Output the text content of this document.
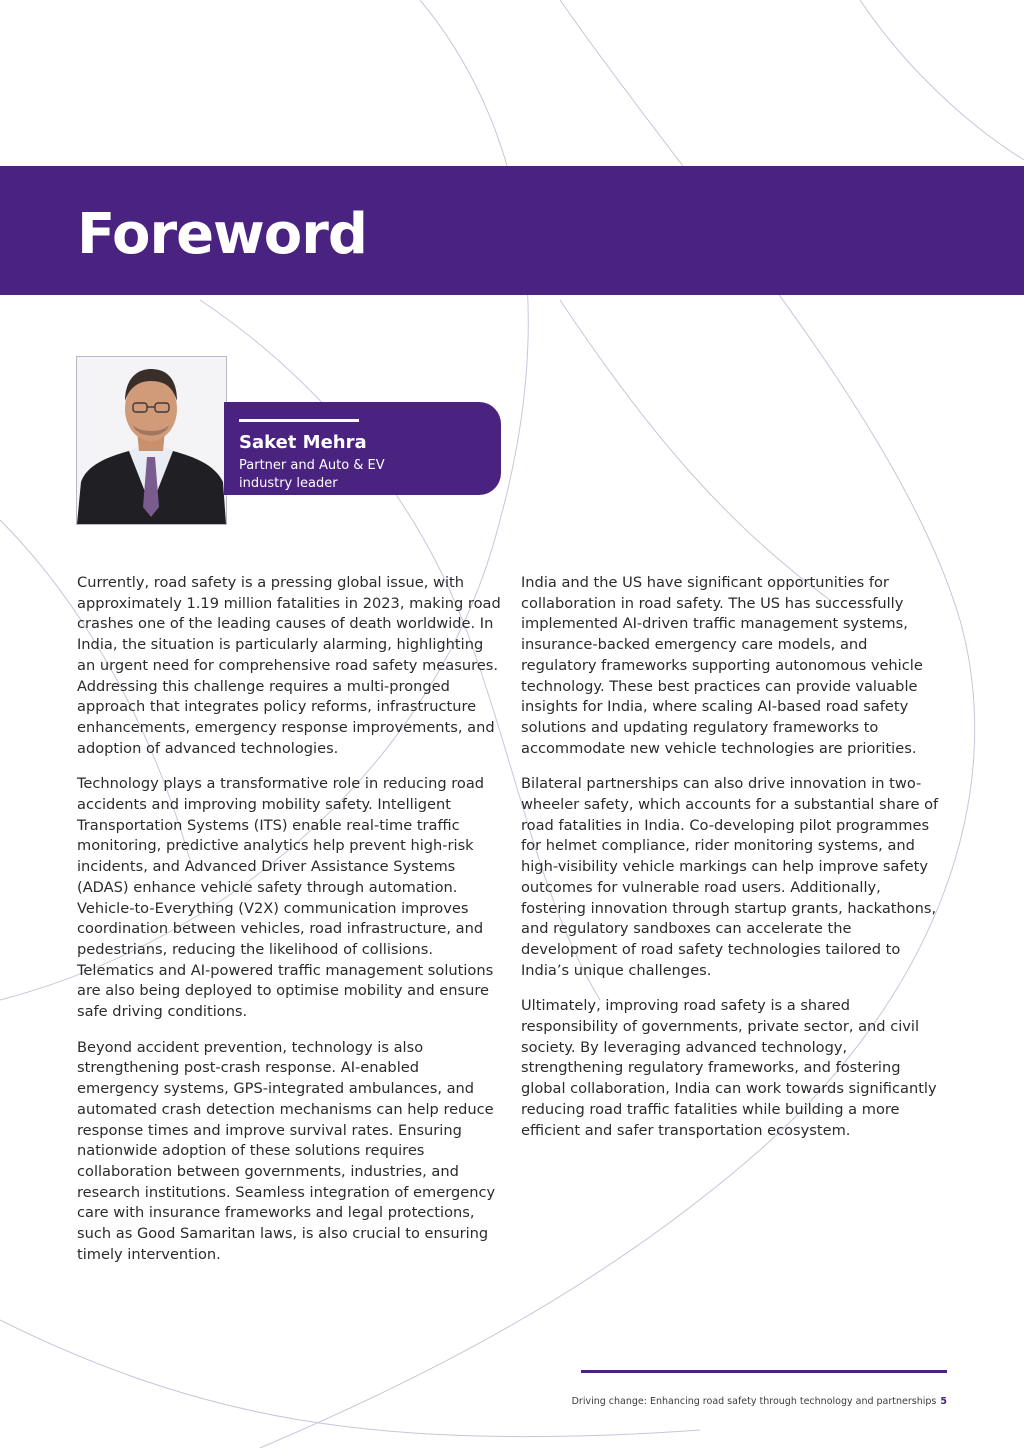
Foreword
Saket Mehra
Partner and Auto & EV industry leader

Currently, road safety is a pressing global issue, with approximately 1.19 million fatalities in 2023, making road crashes one of the leading causes of death worldwide. In India, the situation is particularly alarming, highlighting an urgent need for comprehensive road safety measures. Addressing this challenge requires a multi-pronged approach that integrates policy reforms, infrastructure enhancements, emergency response improvements, and adoption of advanced technologies.

Technology plays a transformative role in reducing road accidents and improving mobility safety. Intelligent Transportation Systems (ITS) enable real-time traffic monitoring, predictive analytics help prevent high-risk incidents, and Advanced Driver Assistance Systems (ADAS) enhance vehicle safety through automation. Vehicle-to-Everything (V2X) communication improves coordination between vehicles, road infrastructure, and pedestrians, reducing the likelihood of collisions. Telematics and AI-powered traffic management solutions are also being deployed to optimise mobility and ensure safe driving conditions.

Beyond accident prevention, technology is also strengthening post-crash response. AI-enabled emergency systems, GPS-integrated ambulances, and automated crash detection mechanisms can help reduce response times and improve survival rates. Ensuring nationwide adoption of these solutions requires collaboration between governments, industries, and research institutions. Seamless integration of emergency care with insurance frameworks and legal protections, such as Good Samaritan laws, is also crucial to ensuring timely intervention.

India and the US have significant opportunities for collaboration in road safety. The US has successfully implemented AI-driven traffic management systems, insurance-backed emergency care models, and regulatory frameworks supporting autonomous vehicle technology. These best practices can provide valuable insights for India, where scaling AI-based road safety solutions and updating regulatory frameworks to accommodate new vehicle technologies are priorities.

Bilateral partnerships can also drive innovation in two-wheeler safety, which accounts for a substantial share of road fatalities in India. Co-developing pilot programmes for helmet compliance, rider monitoring systems, and high-visibility vehicle markings can help improve safety outcomes for vulnerable road users. Additionally, fostering innovation through startup grants, hackathons, and regulatory sandboxes can accelerate the development of road safety technologies tailored to India’s unique challenges.

Ultimately, improving road safety is a shared responsibility of governments, private sector, and civil society. By leveraging advanced technology, strengthening regulatory frameworks, and fostering global collaboration, India can work towards significantly reducing road traffic fatalities while building a more efficient and safer transportation ecosystem.

Driving change: Enhancing road safety through technology and partnerships 5
